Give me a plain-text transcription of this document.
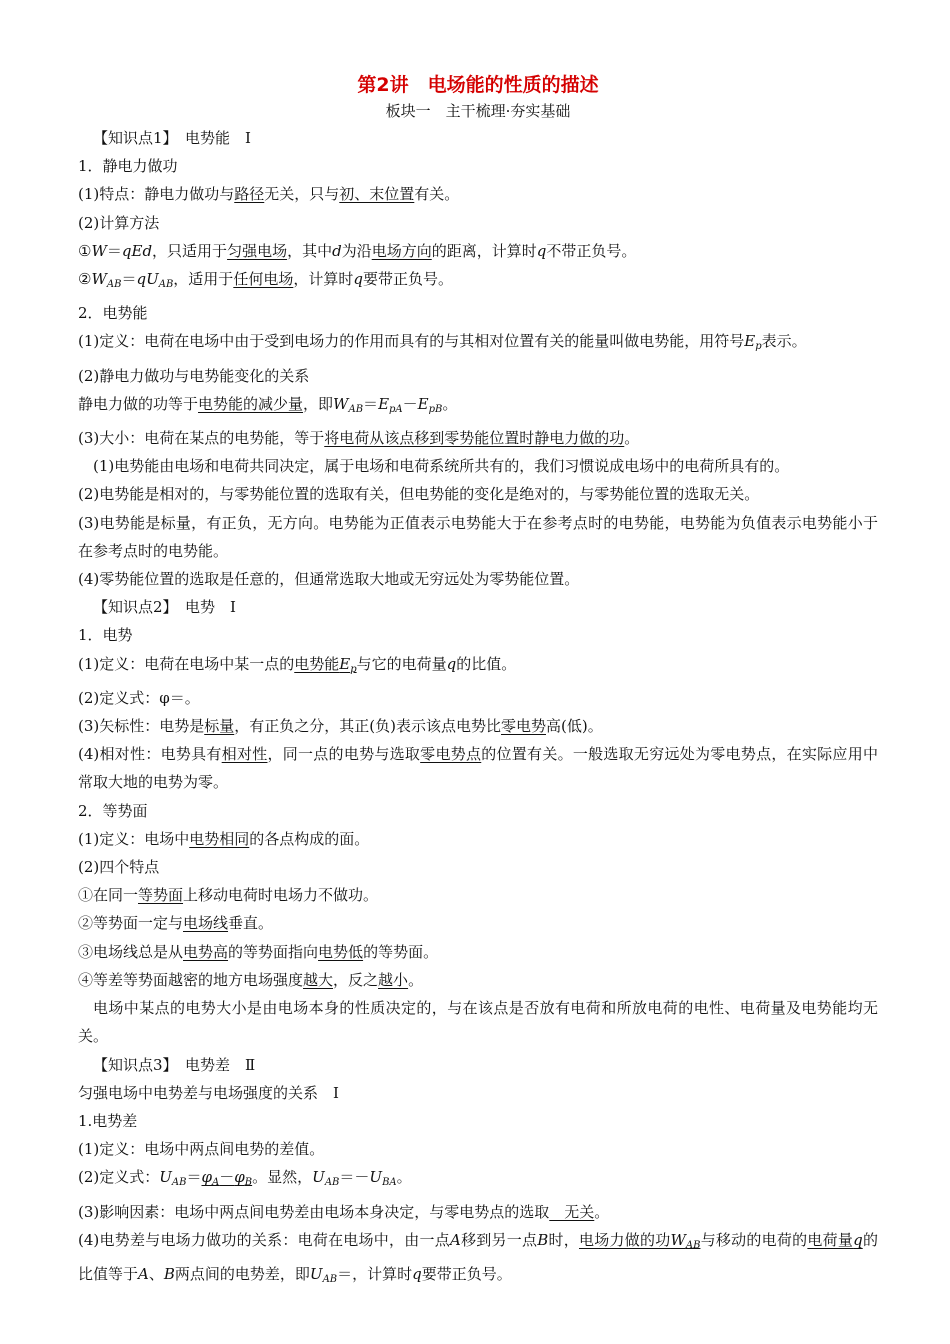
第2讲　电场能的性质的描述
板块一　主干梳理·夯实基础
【知识点1】　电势能　Ⅰ
1．静电力做功
(1)特点：静电力做功与路径无关，只与初、末位置有关。
(2)计算方法
①W＝qEd，只适用于匀强电场，其中d为沿电场方向的距离，计算时q不带正负号。
$②W_{AB}=qU_{AB}$，适用于任何电场，计算时q要带正负号。
2．电势能
(1)定义：电荷在电场中由于受到电场力的作用而具有的与其相对位置有关的能量叫做电势能，用符号$E_p$表示。
(2)静电力做功与电势能变化的关系
静电力做的功等于电势能的减少量，即$W_{AB}=E_{pA}-E_{pB}$。
(3)大小：电荷在某点的电势能，等于将电荷从该点移到零势能位置时静电力做的功。
(1)电势能由电场和电荷共同决定，属于电场和电荷系统所共有的，我们习惯说成电场中的电荷所具有的。
(2)电势能是相对的，与零势能位置的选取有关，但电势能的变化是绝对的，与零势能位置的选取无关。
(3)电势能是标量，有正负，无方向。电势能为正值表示电势能大于在参考点时的电势能，电势能为负值表示电势能小于在参考点时的电势能。
(4)零势能位置的选取是任意的，但通常选取大地或无穷远处为零势能位置。
【知识点2】　电势　Ⅰ
1．电势
(1)定义：电荷在电场中某一点的电势能$E_p$与它的电荷量q的比值。
(2)定义式：φ＝。
(3)矢标性：电势是标量，有正负之分，其正(负)表示该点电势比零电势高(低)。
(4)相对性：电势具有相对性，同一点的电势与选取零电势点的位置有关。一般选取无穷远处为零电势点，在实际应用中常取大地的电势为零。
2．等势面
(1)定义：电场中电势相同的各点构成的面。
(2)四个特点
①在同一等势面上移动电荷时电场力不做功。
②等势面一定与电场线垂直。
③电场线总是从电势高的等势面指向电势低的等势面。
④等差等势面越密的地方电场强度越大，反之越小。
电场中某点的电势大小是由电场本身的性质决定的，与在该点是否放有电荷和所放电荷的电性、电荷量及电势能均无关。
【知识点3】　电势差　Ⅱ
匀强电场中电势差与电场强度的关系　Ⅰ
1.电势差
(1)定义：电场中两点间电势的差值。
(2)定义式：$U_{AB}=\varphi_A-\varphi_B$。显然，$U_{AB}=-U_{BA}$。
(3)影响因素：电场中两点间电势差由电场本身决定，与零电势点的选取　无关。
(4)电势差与电场力做功的关系：电荷在电场中，由一点A移到另一点B时，电场力做的功$W_{AB}$与移动的电荷的电荷量q的比值等于A、B两点间的电势差，即$U_{AB}=$，计算时q要带正负号。
